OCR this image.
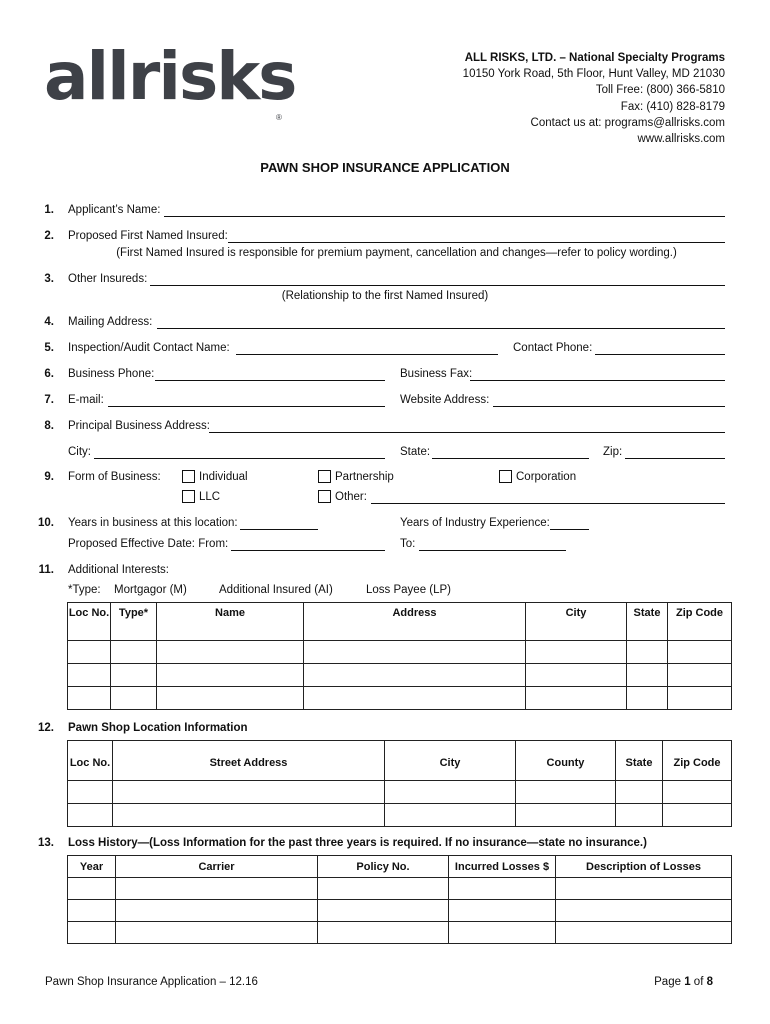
allrisks
®
ALL RISKS, LTD. – National Specialty Programs
10150 York Road, 5th Floor, Hunt Valley, MD 21030
Toll Free: (800) 366-5810
Fax: (410) 828-8179
Contact us at: programs@allrisks.com
www.allrisks.com
PAWN SHOP INSURANCE APPLICATION
1. Applicant’s Name:
2. Proposed First Named Insured:
(First Named Insured is responsible for premium payment, cancellation and changes—refer to policy wording.)
3. Other Insureds:
(Relationship to the first Named Insured)
4. Mailing Address:
5. Inspection/Audit Contact Name:	Contact Phone:
6. Business Phone:	Business Fax:
7. E-mail:	Website Address:
8. Principal Business Address:
City:	State:	Zip:
9. Form of Business:	Individual	Partnership	Corporation
LLC	Other:
10. Years in business at this location:	Years of Industry Experience:
Proposed Effective Date: From:	To:
11. Additional Interests:
*Type: Mortgagor (M)	Additional Insured (AI)	Loss Payee (LP)
Loc No.	Type*	Name	Address	City	State	Zip Code

12. Pawn Shop Location Information
Loc No.	Street Address	City	County	State	Zip Code

13. Loss History—(Loss Information for the past three years is required. If no insurance—state no insurance.)
Year	Carrier	Policy No.	Incurred Losses $	Description of Losses

Pawn Shop Insurance Application – 12.16	Page 1 of 8
